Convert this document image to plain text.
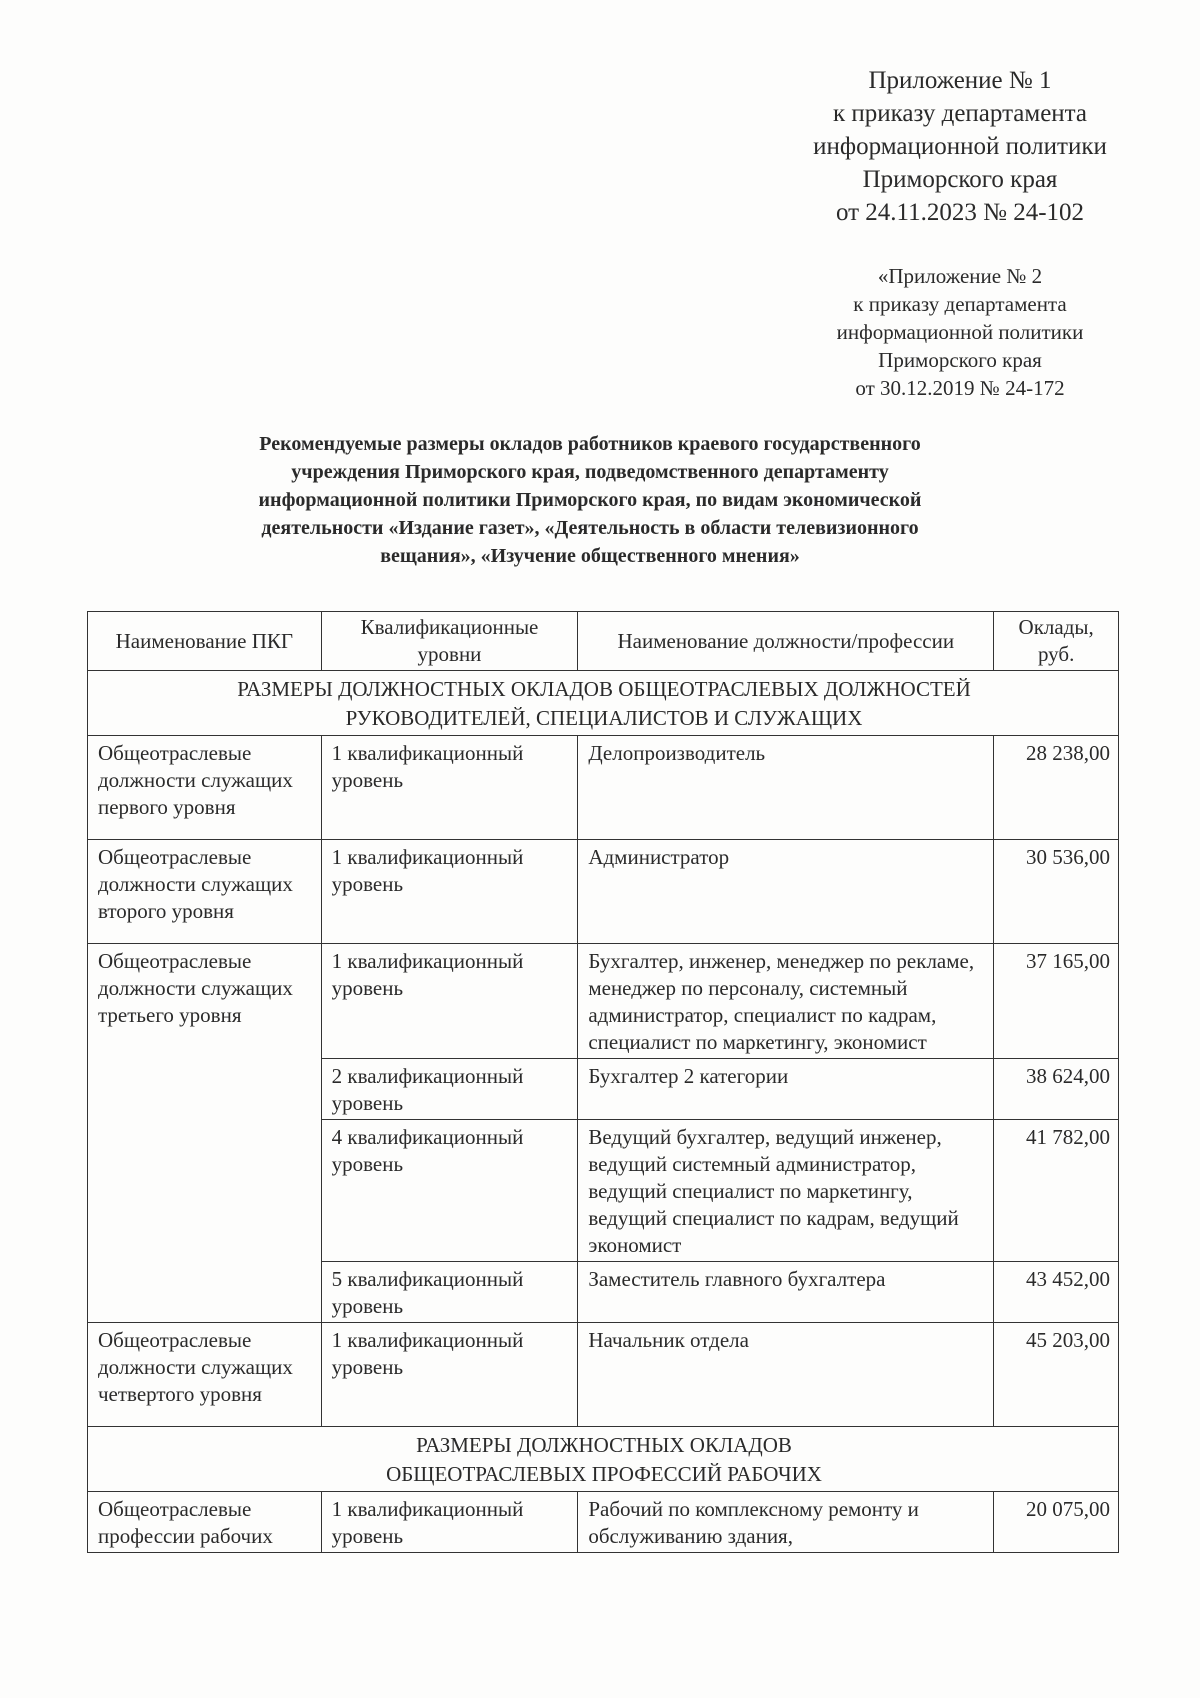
Приложение № 1
к приказу департамента
информационной политики
Приморского края
от 24.11.2023 № 24-102
«Приложение № 2
к приказу департамента
информационной политики
Приморского края
от 30.12.2019 № 24-172
Рекомендуемые размеры окладов работников краевого государственного
учреждения Приморского края, подведомственного департаменту
информационной политики Приморского края, по видам экономической
деятельности «Издание газет», «Деятельность в области телевизионного
вещания», «Изучение общественного мнения»
Наименование ПКГ	Квалификационные уровни	Наименование должности/профессии	Оклады, руб.

РАЗМЕРЫ ДОЛЖНОСТНЫХ ОКЛАДОВ ОБЩЕОТРАСЛЕВЫХ ДОЛЖНОСТЕЙ
РУКОВОДИТЕЛЕЙ, СПЕЦИАЛИСТОВ И СЛУЖАЩИХ			

Общеотраслевые должности служащих первого уровня	1 квалификационный уровень	Делопроизводитель	28 238,00
Общеотраслевые должности служащих второго уровня	1 квалификационный уровень	Администратор	30 536,00
Общеотраслевые должности служащих третьего уровня	1 квалификационный уровень	Бухгалтер, инженер, менеджер по рекламе, менеджер по персоналу, системный администратор, специалист по кадрам, специалист по маркетингу, экономист	37 165,00
	2 квалификационный уровень	Бухгалтер 2 категории	38 624,00
	4 квалификационный уровень	Ведущий бухгалтер, ведущий инженер, ведущий системный администратор, ведущий специалист по маркетингу, ведущий специалист по кадрам, ведущий экономист	41 782,00
	5 квалификационный уровень	Заместитель главного бухгалтера	43 452,00
Общеотраслевые должности служащих четвертого уровня	1 квалификационный уровень	Начальник отдела	45 203,00

РАЗМЕРЫ ДОЛЖНОСТНЫХ ОКЛАДОВ
ОБЩЕОТРАСЛЕВЫХ ПРОФЕССИЙ РАБОЧИХ			

Общеотраслевые профессии рабочих	1 квалификационный уровень	Рабочий по комплексному ремонту и обслуживанию здания,	20 075,00
